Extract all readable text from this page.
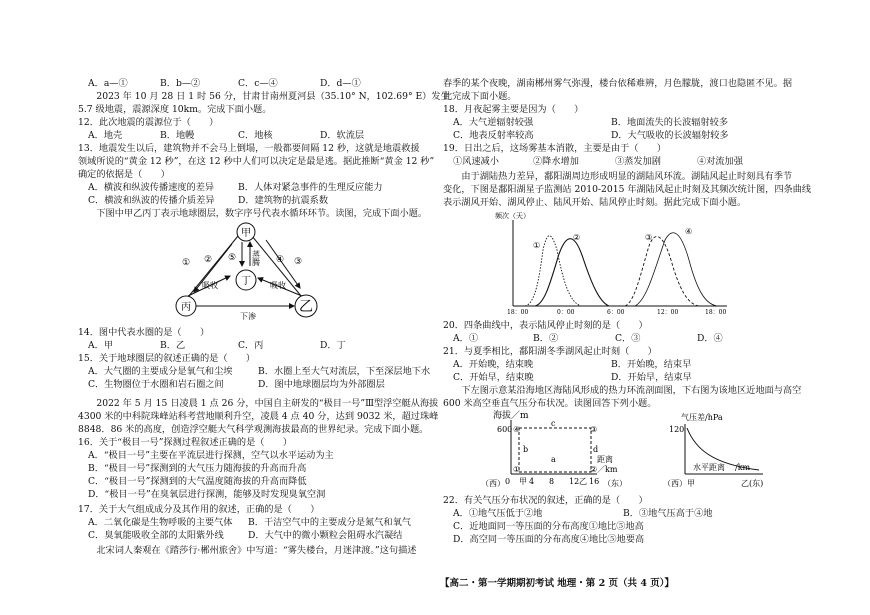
A．a—①	B．b—②	C．c—④	D．d—①
　　2023 年 10 月 28 日 1 时 56 分，甘肃甘南州夏河县（35.10° N，102.69° E）发生
5.7 级地震，震源深度 10km。完成下面小题。
12．此次地震的震源位于（　　）
A．地壳	B．地幔	C．地核	D．软流层
13．地震发生以后，建筑物并不会马上倒塌，一般都要间隔 12 秒，这就是地震救援
领域所说的“黄金 12 秒”，在这 12 秒中人们可以决定是最是逃。据此推断“黄金 12 秒”
确定的依据是（　　）
A．横波和纵波传播速度的差异	B．人体对紧急事件的生理反应能力
C．横波和纵波的传播介质差异	D．建筑物的抗震系数
　　下图中甲乙丙丁表示地球圈层，数字序号代表水循环环节。读图，完成下面小题。
甲
丙	乙
丁
① ②	③
④
⑤
吸收	吸收
蒸腾
下渗
14．图中代表水圈的是（　　）
A．甲	B．乙	C．丙	D．丁
15．关于地球圈层的叙述正确的是（　　）
A．大气圈的主要成分是氧气和尘埃	B．水圈上至大气对流层，下至深层地下水
C．生物圈位于水圈和岩石圈之间	D．图中地球圈层均为外部圈层
　　2022 年 5 月 15 日凌晨 1 点 26 分，中国自主研发的“极目一号”Ⅲ型浮空艇从海拔
4300 米的中科院珠峰站科考营地顺利升空，凌晨 4 点 40 分，达到 9032 米，超过珠峰
8848．86 米的高度，创造浮空艇大气科学观测海拔最高的世界纪录。完成下面小题。
16．关于“极目一号”探测过程叙述正确的是（　　）
A．“极目一号”主要在平流层进行探测，空气以水平运动为主
B．“极目一号”探测到的大气压力随海拔的升高而升高
C．“极目一号”探测到的大气温度随海拔的升高而降低
D．“极目一号”在臭氧层进行探测，能够及时发现臭氧空洞
17．关于大气组成成分及其作用的叙述，正确的是（　　）
A．二氧化碳是生物呼吸的主要气体 B．干洁空气中的主要成分是氮气和氧气
C．臭氧能吸收全部的太阳紫外线	D．大气中的微小颗粒会阻碍水汽凝结
　　北宋词人秦观在《踏莎行·郴州旅舍》中写道：“雾失楼台，月迷津渡。”这句描述
春季的某个夜晚，湖南郴州雾气弥漫，楼台依稀难辨，月色朦胧，渡口也隐匿不见。据
此完成下面小题。
18．月夜起雾主要是因为（　　）
A．大气逆辐射较强	B．地面流失的长波辐射较多
C．地表反射率较高	D．大气吸收的长波辐射较多
19．日出之后，这场雾基本消散，主要是由于（　　）
①风速减小	②降水增加	③蒸发加剧	④对流加强
　　由于湖陆热力差异，鄱阳湖周边形成明显的湖陆风环流。湖陆风起止时刻具有季节
变化，下图是鄱阳湖星子监测站 2010-2015 年湖陆风起止时刻及其频次统计图，四条曲线
表示湖风开始、湖风停止、陆风开始、陆风停止时刻。据此完成下面小题。
频次（天）
①
②	③
④
18：00	0：00	6：00	12：00	18：00
20．四条曲线中，表示陆风停止时刻的是（　　）
A．①	B．②	C．③	D．④
21．与夏季相比，鄱阳湖冬季湖风起止时刻（　　）
A．开始晚，结束晚	B．开始晚，结束早
C．开始早，结束晚	D．开始早，结束早
　　下左图示意某沿海地区海陆风形成的热力环流剖面图，下右图为该地区近地面与高空
600 米高空垂直气压分布状况。读图回答下列小题。
海拔／m
600
0
④	③
①	②
c
b
a
d
距离
／km
（西） 甲 4 8 12 乙 16 （东）
气压差/hPa
120
水平距离 /km
（西）甲	乙(东)
22．有关气压分布状况的叙述，正确的是（　　）
A．①地气压低于②地	B．③地气压高于④地
C．近地面同一等压面的分布高度①地比⑤地高
D．高空同一等压面的分布高度④地比⑤地要高
【高二・第一学期期初考试 地理・第 2 页（共 4 页）】
